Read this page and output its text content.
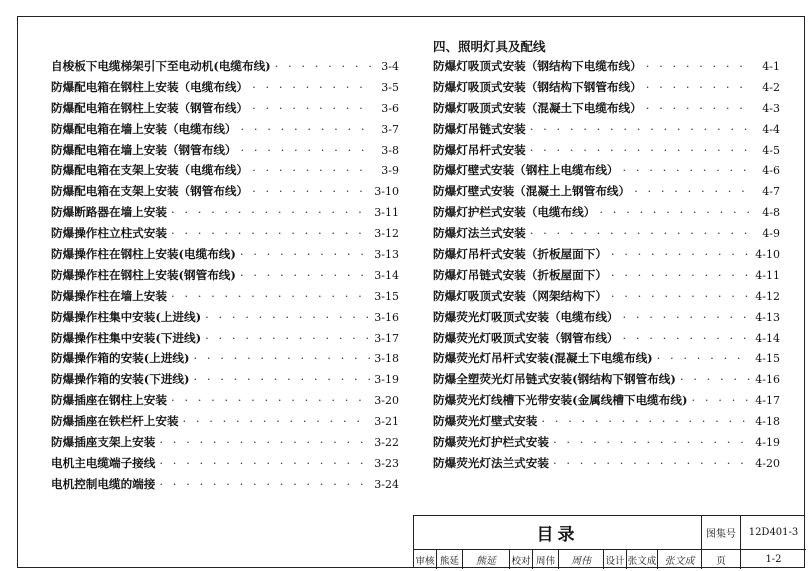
自梭板下电缆梯架引下至电动机(电缆布线) · · ·	3-4
防爆配电箱在钢柱上安装（电缆布线） · · ·	3-5
防爆配电箱在钢柱上安装（钢管布线） · · ·	3-6
防爆配电箱在墙上安装（电缆布线） · · ·	3-7
防爆配电箱在墙上安装（钢管布线） · · ·	3-8
防爆配电箱在支架上安装（电缆布线） · · ·	3-9
防爆配电箱在支架上安装（钢管布线） · · ·	3-10
防爆断路器在墙上安装 · · ·	3-11
防爆操作柱立柱式安装 · · ·	3-12
防爆操作柱在钢柱上安装(电缆布线) · · ·	3-13
防爆操作柱在钢柱上安装(钢管布线) · · ·	3-14
防爆操作柱在墙上安装 · · ·	3-15
防爆操作柱集中安装(上进线) · · ·	3-16
防爆操作柱集中安装(下进线) · · ·	3-17
防爆操作箱的安装(上进线) · · ·	3-18
防爆操作箱的安装(下进线) · · ·	3-19
防爆插座在钢柱上安装 · · ·	3-20
防爆插座在铁栏杆上安装 · · ·	3-21
防爆插座支架上安装 · · ·	3-22
电机主电缆端子接线 · · ·	3-23
电机控制电缆的端接 · · ·	3-24
四、照明灯具及配线
防爆灯吸顶式安装（钢结构下电缆布线） · · ·	4-1
防爆灯吸顶式安装（钢结构下钢管布线） · · ·	4-2
防爆灯吸顶式安装（混凝土下电缆布线） · · ·	4-3
防爆灯吊链式安装 · · ·	4-4
防爆灯吊杆式安装 · · ·	4-5
防爆灯壁式安装（钢柱上电缆布线） · · ·	4-6
防爆灯壁式安装（混凝土上钢管布线） · · ·	4-7
防爆灯护栏式安装（电缆布线） · · ·	4-8
防爆灯法兰式安装 · · ·	4-9
防爆灯吊杆式安装（折板屋面下） · · ·	4-10
防爆灯吊链式安装（折板屋面下） · · ·	4-11
防爆灯吸顶式安装（网架结构下） · · ·	4-12
防爆荧光灯吸顶式安装（电缆布线） · · ·	4-13
防爆荧光灯吸顶式安装（钢管布线） · · ·	4-14
防爆荧光灯吊杆式安装(混凝土下电缆布线) · · ·	4-15
防爆全塑荧光灯吊链式安装(钢结构下钢管布线) · · ·	4-16
防爆荧光灯线槽下光带安装(金属线槽下电缆布线) · · ·	4-17
防爆荧光灯壁式安装 · · ·	4-18
防爆荧光灯护栏式安装 · · ·	4-19
防爆荧光灯法兰式安装 · · ·	4-20
目录	图集号	12D401-3
页	1-2
审核 熊延	熊延	校对 周伟	周伟	设计 张文成 张文成
